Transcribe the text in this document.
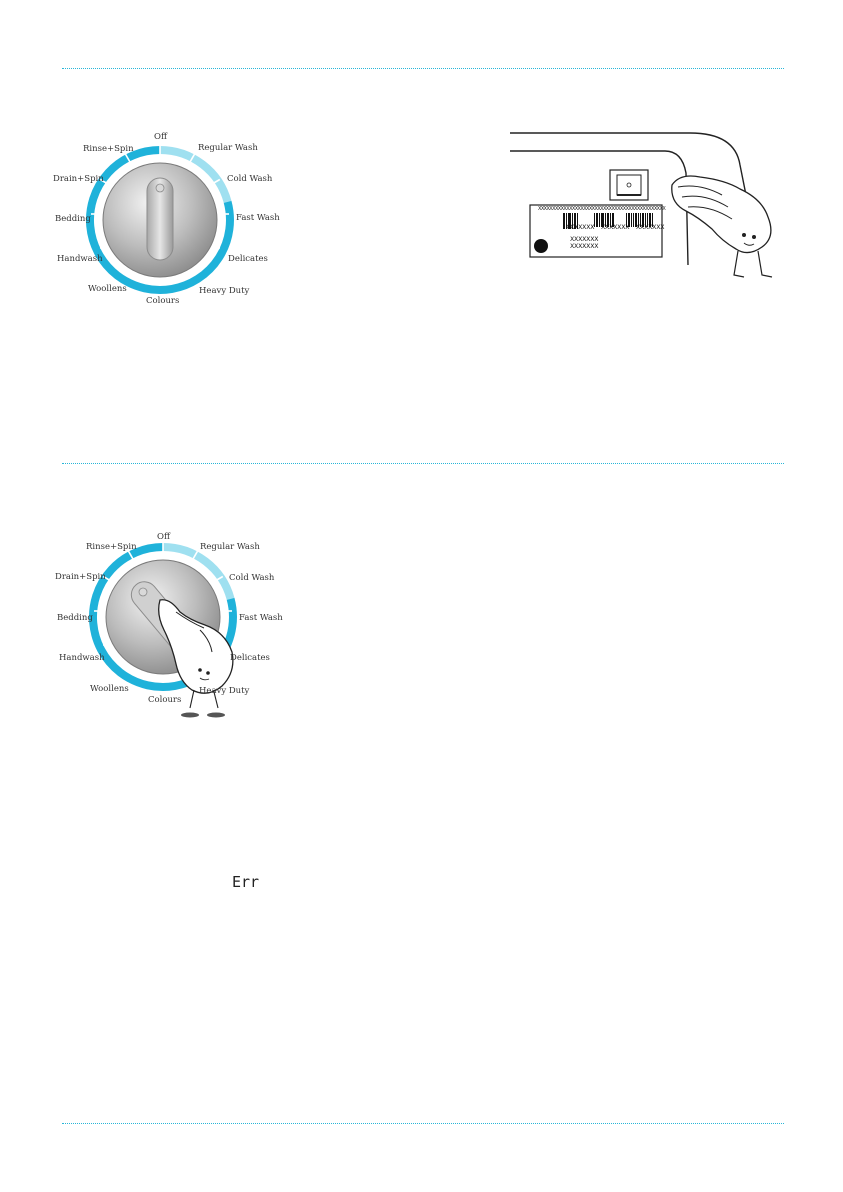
Off
Regular Wash
Cold Wash
Fast Wash
Delicates
Heavy Duty
Colours
Woollens
Handwash
Bedding
Drain+Spin
Rinse+Spin
XXXXXXXXXXXXXXXXXXXXXXXXXXXXXXXXXXXXXXXXXXXXX
XXXXXXX XXXXXXX XXXXXXX
XXXXXXX
XXXXXXX
Off
Regular Wash
Cold Wash
Fast Wash
Delicates
Heavy Duty
Colours
Woollens
Handwash
Bedding
Drain+Spin
Rinse+Spin
Err
